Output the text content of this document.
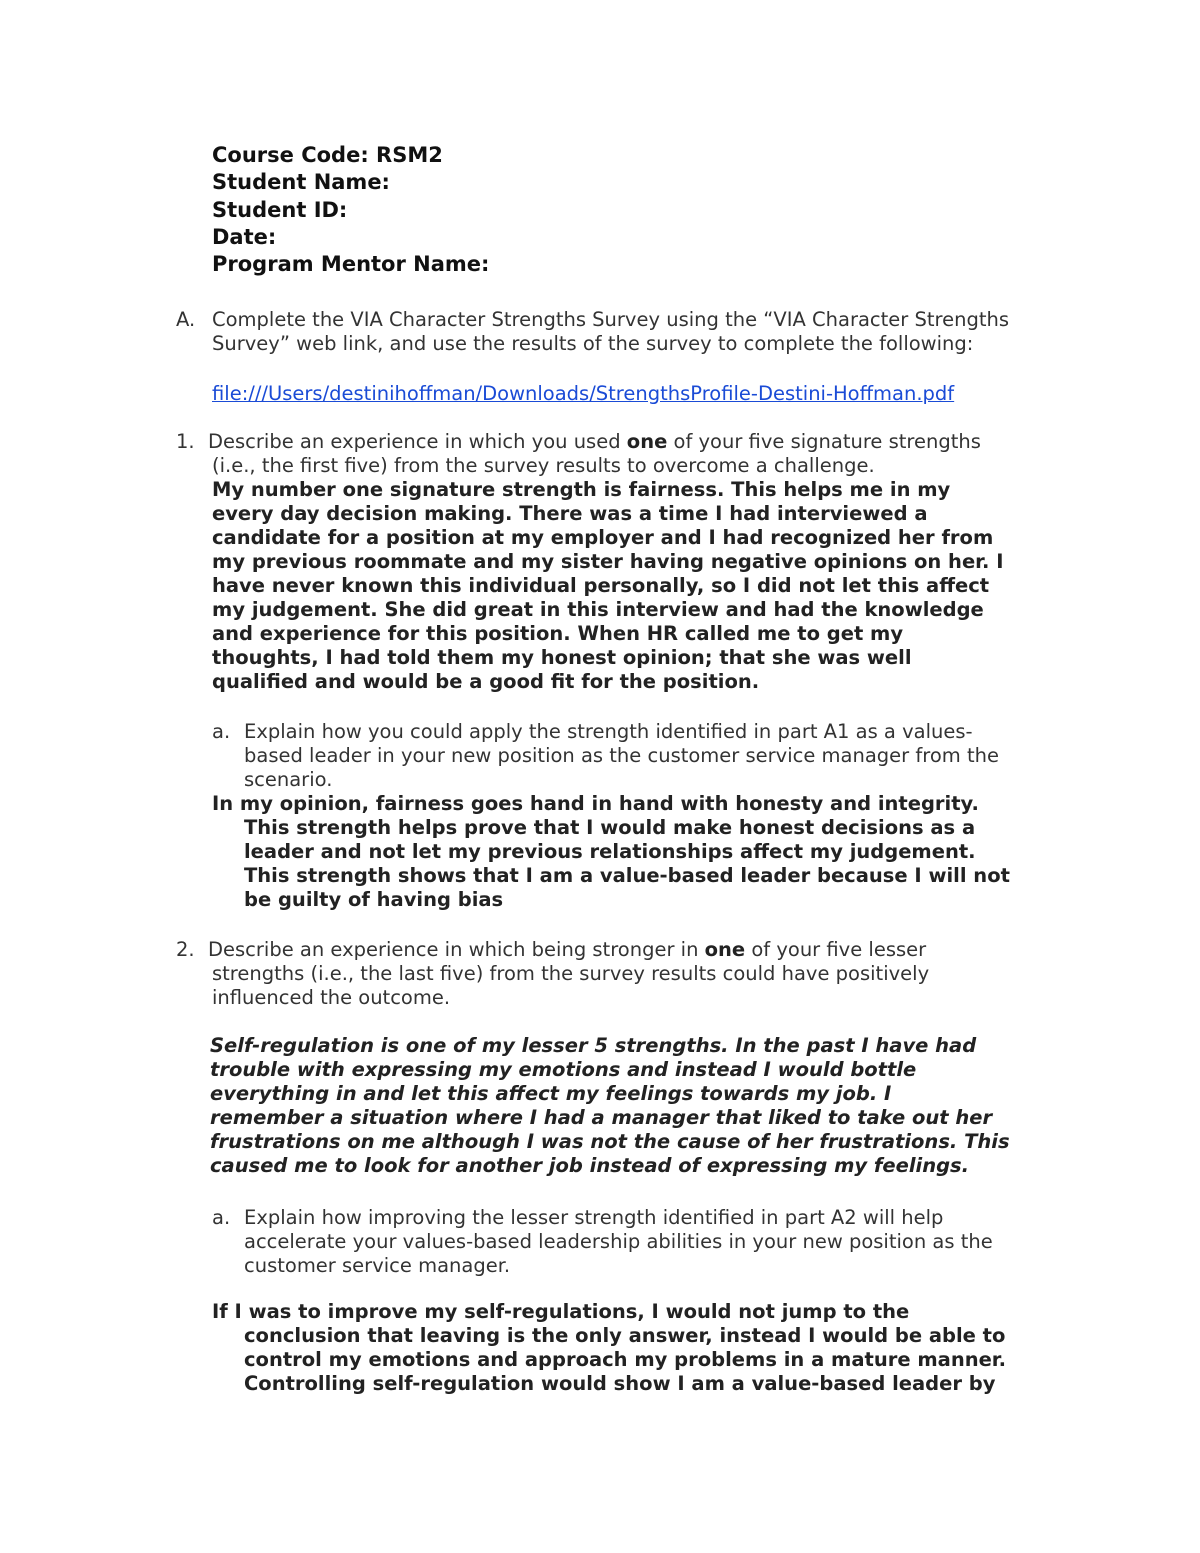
Course Code: RSM2
Student Name:
Student ID:
Date:
Program Mentor Name:
A. Complete the VIA Character Strengths Survey using the “VIA Character Strengths
Survey” web link, and use the results of the survey to complete the following:
file:///Users/destinihoffman/Downloads/StrengthsProfile-Destini-Hoffman.pdf
1. Describe an experience in which you used one of your five signature strengths
(i.e., the first five) from the survey results to overcome a challenge.
My number one signature strength is fairness. This helps me in my
every day decision making. There was a time I had interviewed a
candidate for a position at my employer and I had recognized her from
my previous roommate and my sister having negative opinions on her. I
have never known this individual personally, so I did not let this affect
my judgement. She did great in this interview and had the knowledge
and experience for this position. When HR called me to get my
thoughts, I had told them my honest opinion; that she was well
qualified and would be a good fit for the position.
a. Explain how you could apply the strength identified in part A1 as a values-
based leader in your new position as the customer service manager from the
scenario.
In my opinion, fairness goes hand in hand with honesty and integrity.
This strength helps prove that I would make honest decisions as a
leader and not let my previous relationships affect my judgement.
This strength shows that I am a value-based leader because I will not
be guilty of having bias
2. Describe an experience in which being stronger in one of your five lesser
strengths (i.e., the last five) from the survey results could have positively
influenced the outcome.
Self-regulation is one of my lesser 5 strengths. In the past I have had
trouble with expressing my emotions and instead I would bottle
everything in and let this affect my feelings towards my job. I
remember a situation where I had a manager that liked to take out her
frustrations on me although I was not the cause of her frustrations. This
caused me to look for another job instead of expressing my feelings.
a. Explain how improving the lesser strength identified in part A2 will help
accelerate your values-based leadership abilities in your new position as the
customer service manager.
If I was to improve my self-regulations, I would not jump to the
conclusion that leaving is the only answer, instead I would be able to
control my emotions and approach my problems in a mature manner.
Controlling self-regulation would show I am a value-based leader by
